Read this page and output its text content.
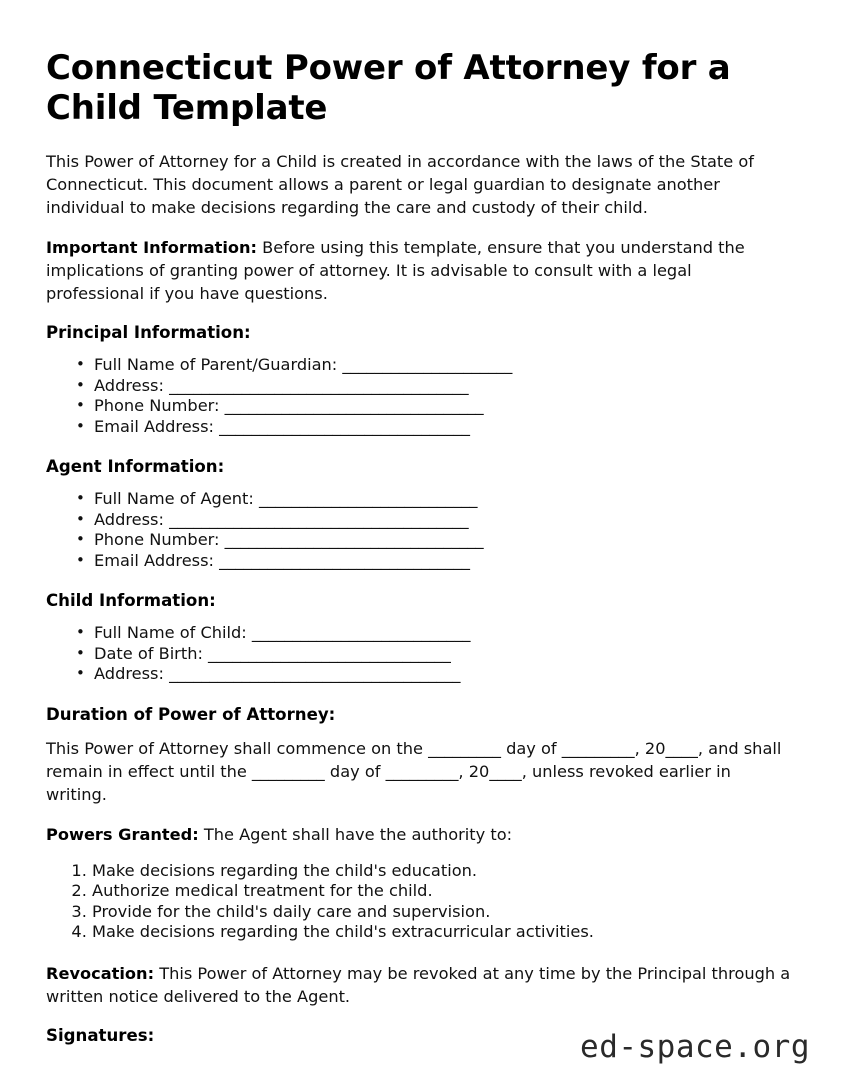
Connecticut Power of Attorney for a Child Template

This Power of Attorney for a Child is created in accordance with the laws of the State of Connecticut. This document allows a parent or legal guardian to designate another individual to make decisions regarding the care and custody of their child.

Important Information: Before using this template, ensure that you understand the implications of granting power of attorney. It is advisable to consult with a legal professional if you have questions.

Principal Information:
• Full Name of Parent/Guardian: _____________________
• Address: _____________________________________
• Phone Number: ________________________________
• Email Address: _______________________________
Agent Information:
• Full Name of Agent: ___________________________
• Address: _____________________________________
• Phone Number: ________________________________
• Email Address: _______________________________
Child Information:
• Full Name of Child: ___________________________
• Date of Birth: ______________________________
• Address: ____________________________________
Duration of Power of Attorney:

This Power of Attorney shall commence on the _________ day of _________, 20____, and shall remain in effect until the _________ day of _________, 20____, unless revoked earlier in writing.

Powers Granted: The Agent shall have the authority to:

1. Make decisions regarding the child's education.
2. Authorize medical treatment for the child.
3. Provide for the child's daily care and supervision.
4. Make decisions regarding the child's extracurricular activities.

Revocation: This Power of Attorney may be revoked at any time by the Principal through a written notice delivered to the Agent.

Signatures:	ed-space.org
